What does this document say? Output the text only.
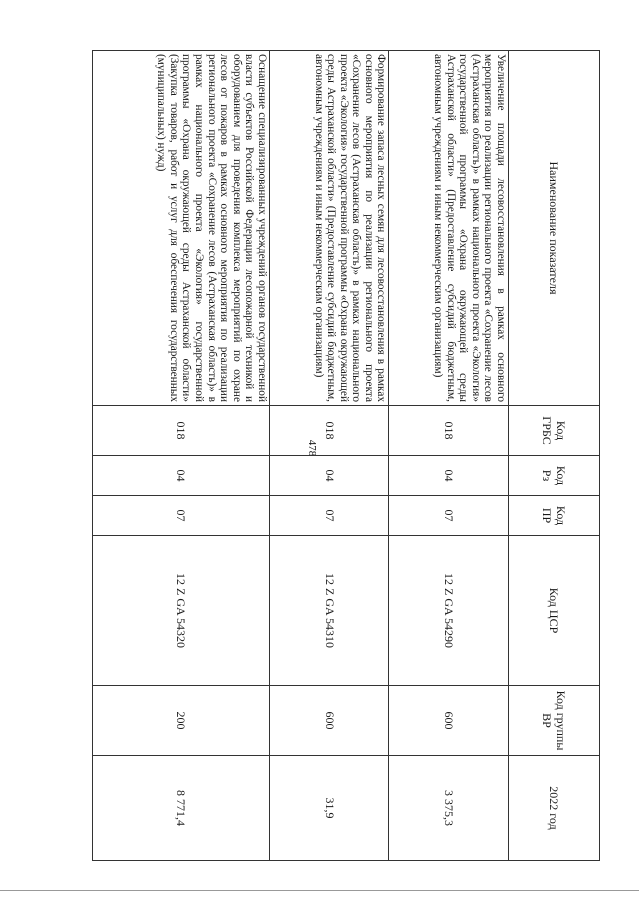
478
Наименование показателя	Код ГРБС	Код Рз	Код ПР	Код ЦСР	Код группы ВР	2022 год
Увеличение площади лесовосстановления в рамках основного мероприятия по реализации регионального проекта «Сохранение лесов (Астраханская область)» в рамках национального проекта «Экология» государственной программы «Охрана окружающей среды Астраханской области» (Предоставление субсидий бюджетным, автономным учреждениям и иным некоммерческим организациям)	018	04	07	12 Z GA 54290	600	3 375,3
Формирование запаса лесных семян для лесовосстановления в рамках основного мероприятия по реализации регионального проекта «Сохранение лесов (Астраханская область)» в рамках национального проекта «Экология» государственной программы «Охрана окружающей среды Астраханской области» (Предоставление субсидий бюджетным, автономным учреждениям и иным некоммерческим организациям)	018	04	07	12 Z GA 54310	600	31,9
Оснащение специализированных учреждений органов государственной власти субъектов Российской Федерации лесопожарной техникой и оборудованием для проведения комплекса мероприятий по охране лесов от пожаров в рамках основного мероприятия по реализации регионального проекта «Сохранение лесов (Астраханская область)» в рамках национального проекта «Экология» государственной программы «Охрана окружающей среды Астраханской области» (Закупка товаров, работ и услуг для обеспечения государственных (муниципальных) нужд)	018	04	07	12 Z GA 54320	200	8 771,4
